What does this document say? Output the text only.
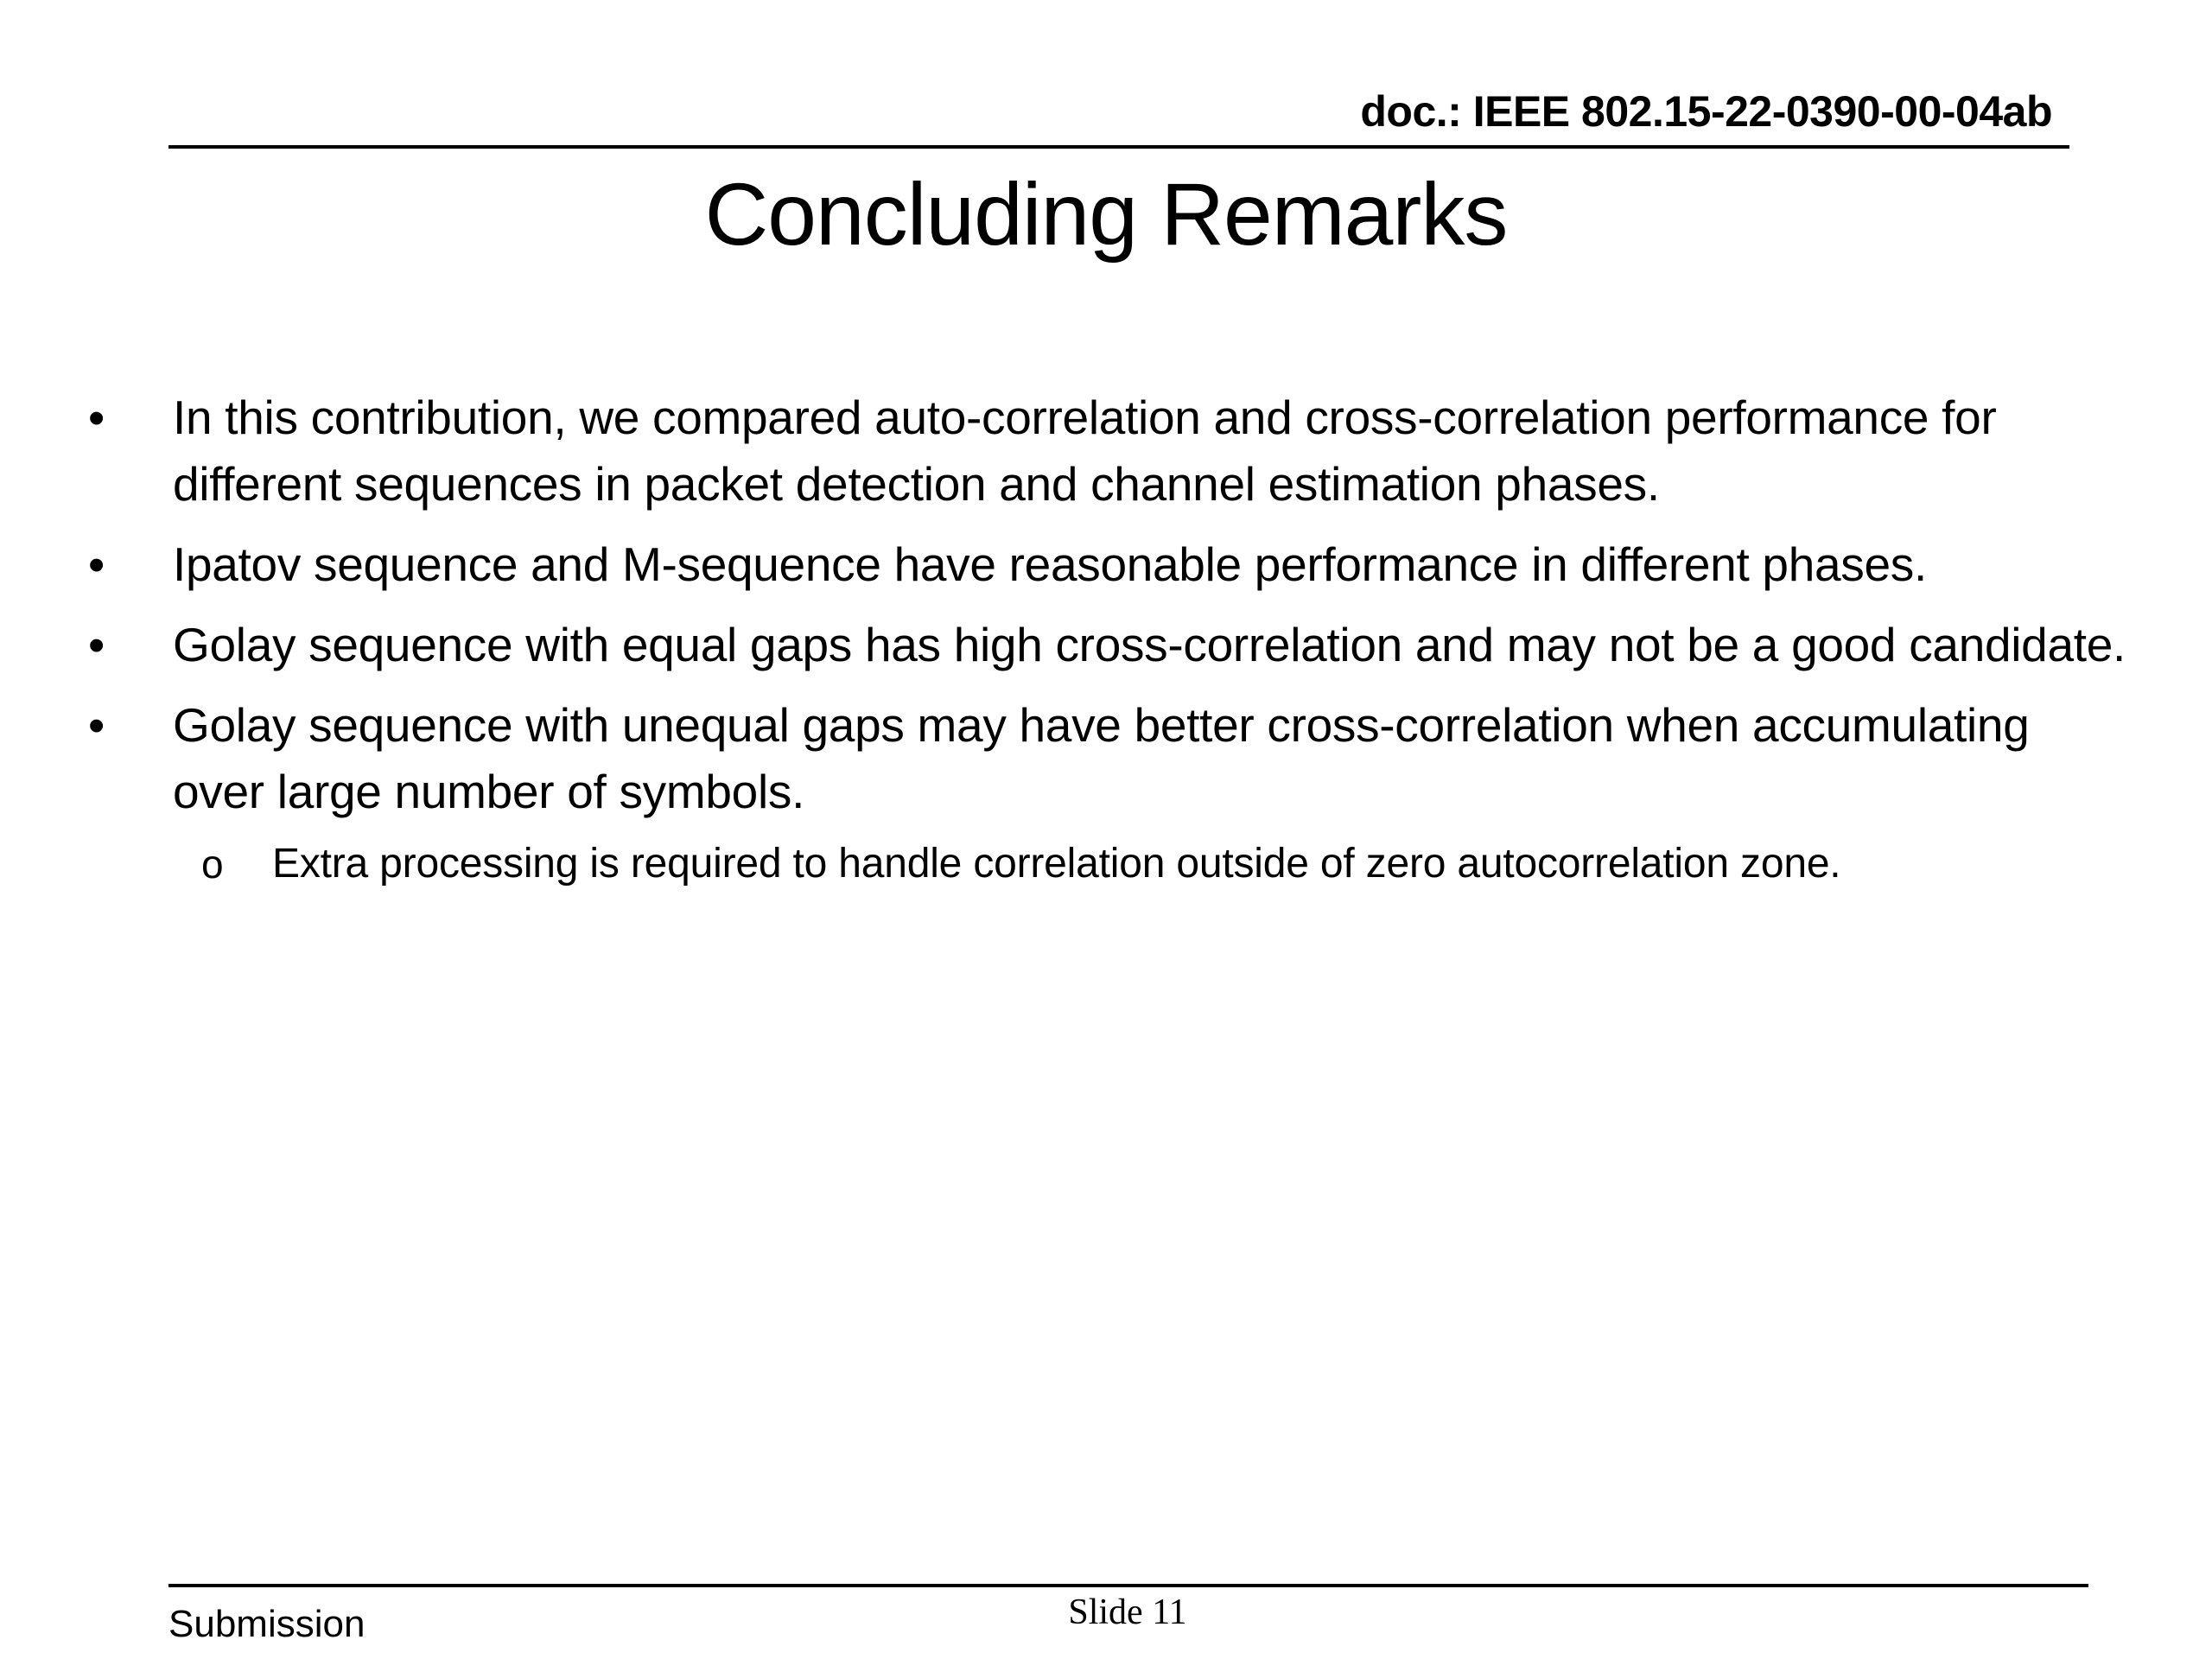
doc.: IEEE 802.15-22-0390-00-04ab
Concluding Remarks
• In this contribution, we compared auto-correlation and cross-correlation performance for different sequences in packet detection and channel estimation phases.
• Ipatov sequence and M-sequence have reasonable performance in different phases.
• Golay sequence with equal gaps has high cross-correlation and may not be a good candidate.
• Golay sequence with unequal gaps may have better cross-correlation when accumulating over large number of symbols.
o Extra processing is required to handle correlation outside of zero autocorrelation zone.
Submission	Slide 11
